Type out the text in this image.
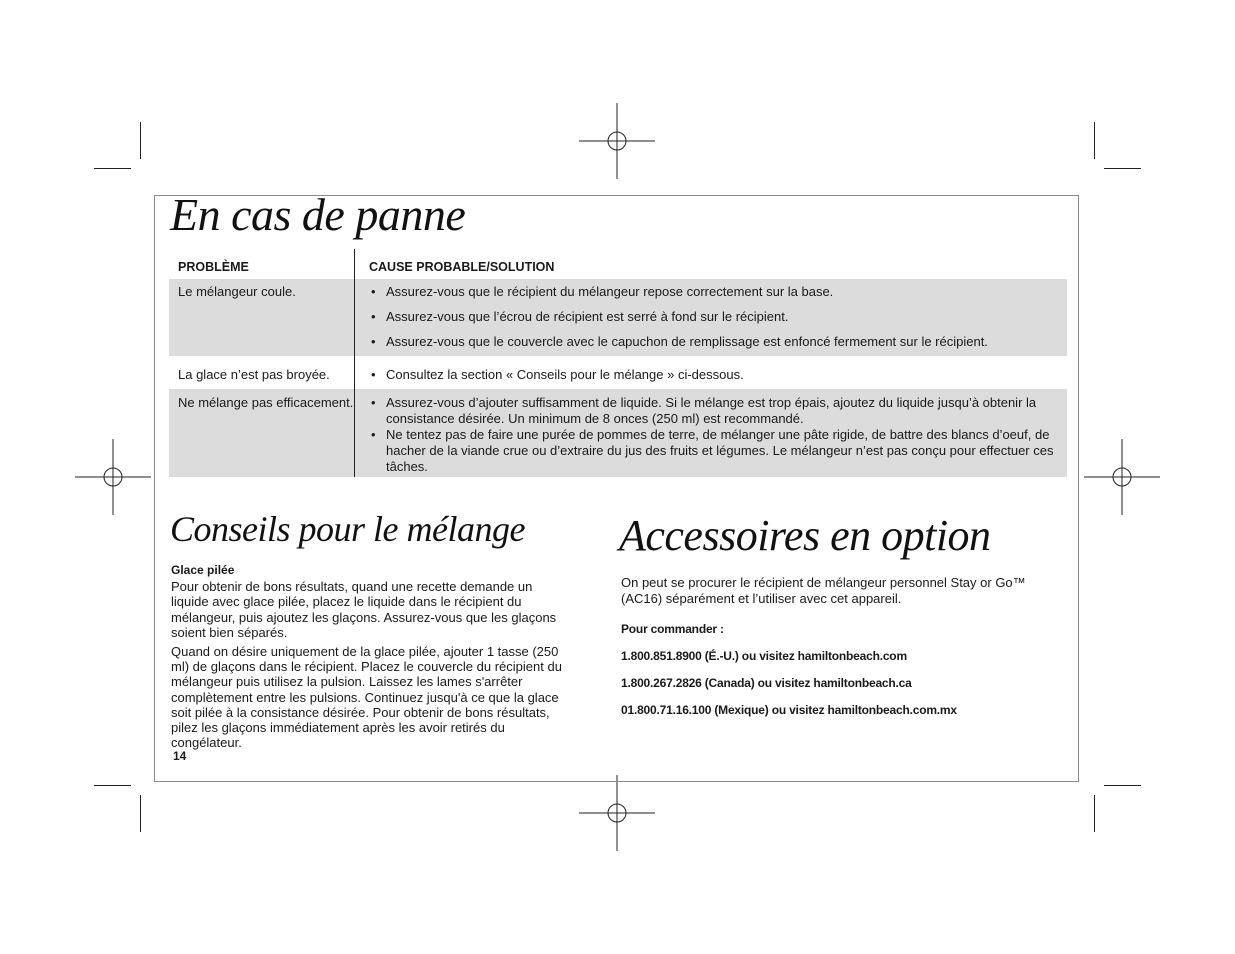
En cas de panne
PROBLÈME	CAUSE PROBABLE/SOLUTION
Le mélangeur coule.	• Assurez-vous que le récipient du mélangeur repose correctement sur la base.
• Assurez-vous que l’écrou de récipient est serré à fond sur le récipient.
• Assurez-vous que le couvercle avec le capuchon de remplissage est enfoncé fermement sur le récipient.
La glace n’est pas broyée.	• Consultez la section « Conseils pour le mélange » ci-dessous.
Ne mélange pas efficacement.	• Assurez-vous d’ajouter suffisamment de liquide. Si le mélange est trop épais, ajoutez du liquide jusqu’à obtenir la consistance désirée. Un minimum de 8 onces (250 ml) est recommandé.
• Ne tentez pas de faire une purée de pommes de terre, de mélanger une pâte rigide, de battre des blancs d’oeuf, de hacher de la viande crue ou d’extraire du jus des fruits et légumes. Le mélangeur n’est pas conçu pour effectuer ces tâches.
Conseils pour le mélange
Glace pilée

Pour obtenir de bons résultats, quand une recette demande un liquide avec glace pilée, placez le liquide dans le récipient du mélangeur, puis ajoutez les glaçons. Assurez-vous que les glaçons soient bien séparés.

Quand on désire uniquement de la glace pilée, ajouter 1 tasse (250 ml) de glaçons dans le récipient. Placez le couvercle du récipient du mélangeur puis utilisez la pulsion. Laissez les lames s'arrêter complètement entre les pulsions. Continuez jusqu'à ce que la glace soit pilée à la consistance désirée. Pour obtenir de bons résultats, pilez les glaçons immédiatement après les avoir retirés du congélateur.

14
Accessoires en option

On peut se procurer le récipient de mélangeur personnel Stay or Go™ (AC16) séparément et l’utiliser avec cet appareil.

Pour commander :

1.800.851.8900 (É.-U.) ou visitez hamiltonbeach.com

1.800.267.2826 (Canada) ou visitez hamiltonbeach.ca

01.800.71.16.100 (Mexique) ou visitez hamiltonbeach.com.mx
